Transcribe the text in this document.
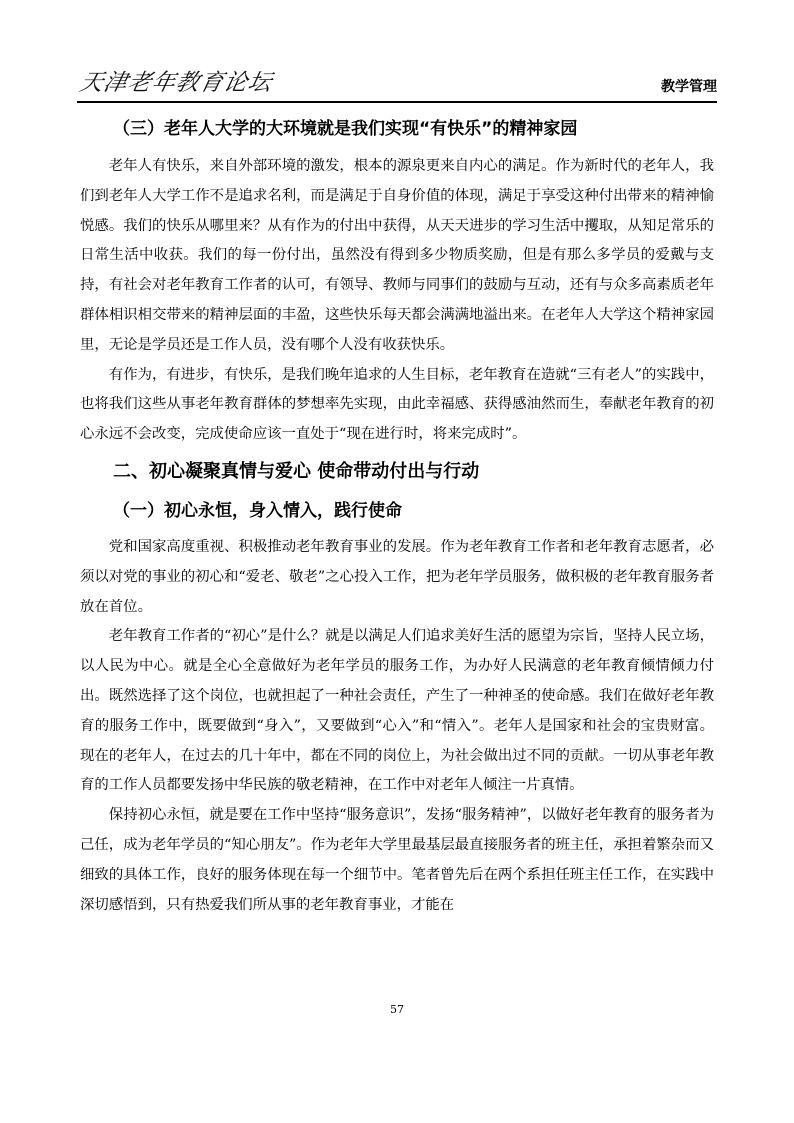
天津老年教育论坛	教学管理
（三）老年人大学的大环境就是我们实现“有快乐”的精神家园

老年人有快乐，来自外部环境的激发，根本的源泉更来自内心的满足。作为新时代的老年人，我们到老年人大学工作不是追求名利，而是满足于自身价值的体现，满足于享受这种付出带来的精神愉悦感。我们的快乐从哪里来？从有作为的付出中获得，从天天进步的学习生活中攫取，从知足常乐的日常生活中收获。我们的每一份付出，虽然没有得到多少物质奖励，但是有那么多学员的爱戴与支持，有社会对老年教育工作者的认可，有领导、教师与同事们的鼓励与互动，还有与众多高素质老年群体相识相交带来的精神层面的丰盈，这些快乐每天都会满满地溢出来。在老年人大学这个精神家园里，无论是学员还是工作人员，没有哪个人没有收获快乐。

有作为，有进步，有快乐，是我们晚年追求的人生目标，老年教育在造就“三有老人”的实践中，也将我们这些从事老年教育群体的梦想率先实现，由此幸福感、获得感油然而生，奉献老年教育的初心永远不会改变，完成使命应该一直处于“现在进行时，将来完成时”。

二、初心凝聚真情与爱心 使命带动付出与行动
（一）初心永恒，身入情入，践行使命

党和国家高度重视、积极推动老年教育事业的发展。作为老年教育工作者和老年教育志愿者，必须以对党的事业的初心和“爱老、敬老”之心投入工作，把为老年学员服务，做积极的老年教育服务者放在首位。

老年教育工作者的“初心”是什么？就是以满足人们追求美好生活的愿望为宗旨，坚持人民立场，以人民为中心。就是全心全意做好为老年学员的服务工作，为办好人民满意的老年教育倾情倾力付出。既然选择了这个岗位，也就担起了一种社会责任，产生了一种神圣的使命感。我们在做好老年教育的服务工作中，既要做到“身入”，又要做到“心入”和“情入”。老年人是国家和社会的宝贵财富。现在的老年人，在过去的几十年中，都在不同的岗位上，为社会做出过不同的贡献。一切从事老年教育的工作人员都要发扬中华民族的敬老精神，在工作中对老年人倾注一片真情。

保持初心永恒，就是要在工作中坚持“服务意识”，发扬“服务精神”，以做好老年教育的服务者为己任，成为老年学员的“知心朋友”。作为老年大学里最基层最直接服务者的班主任，承担着繁杂而又细致的具体工作，良好的服务体现在每一个细节中。笔者曾先后在两个系担任班主任工作，在实践中深切感悟到，只有热爱我们所从事的老年教育事业，才能在

57
